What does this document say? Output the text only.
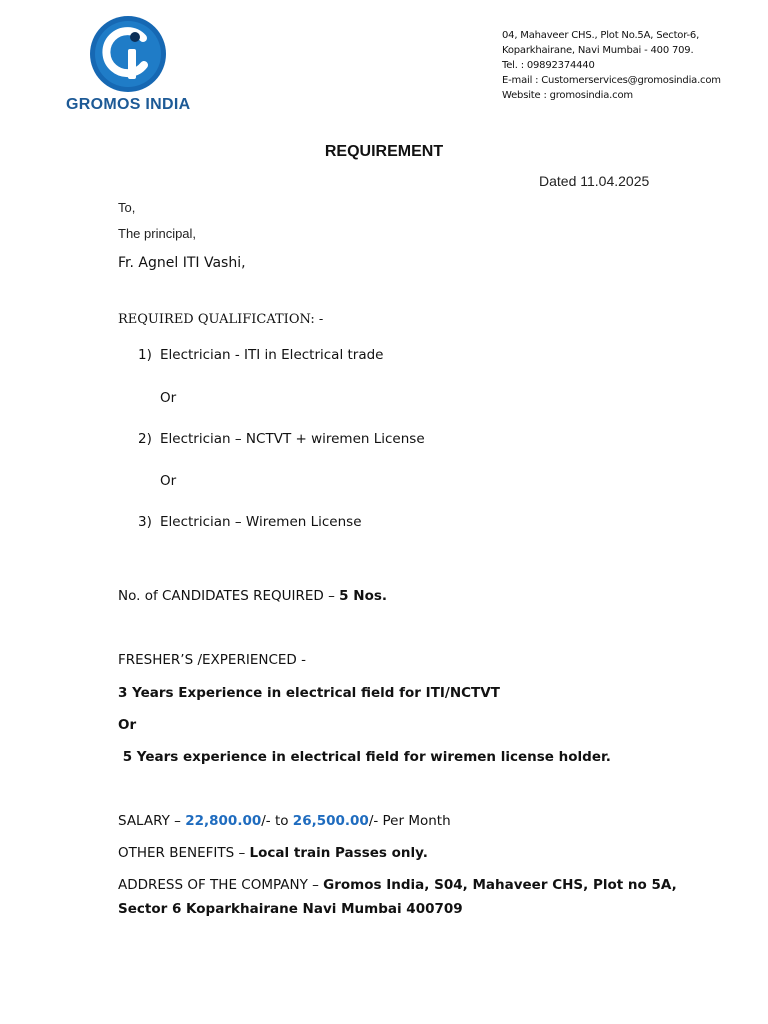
GROMOS INDIA
04, Mahaveer CHS., Plot No.5A, Sector-6,
Koparkhairane, Navi Mumbai - 400 709.
Tel. : 09892374440
E-mail : Customerservices@gromosindia.com
Website : gromosindia.com
REQUIREMENT
Dated 11.04.2025
To,
The principal,
Fr. Agnel ITI Vashi,
REQUIRED QUALIFICATION: -
1) Electrician - ITI in Electrical trade
Or
2) Electrician – NCTVT + wiremen License
Or
3) Electrician – Wiremen License
No. of CANDIDATES REQUIRED – 5 Nos.
FRESHER’S /EXPERIENCED -
3 Years Experience in electrical field for ITI/NCTVT
Or
5 Years experience in electrical field for wiremen license holder.
SALARY – 22,800.00/- to 26,500.00/- Per Month
OTHER BENEFITS – Local train Passes only.
ADDRESS OF THE COMPANY – Gromos India, S04, Mahaveer CHS, Plot no 5A,
Sector 6 Koparkhairane Navi Mumbai 400709
